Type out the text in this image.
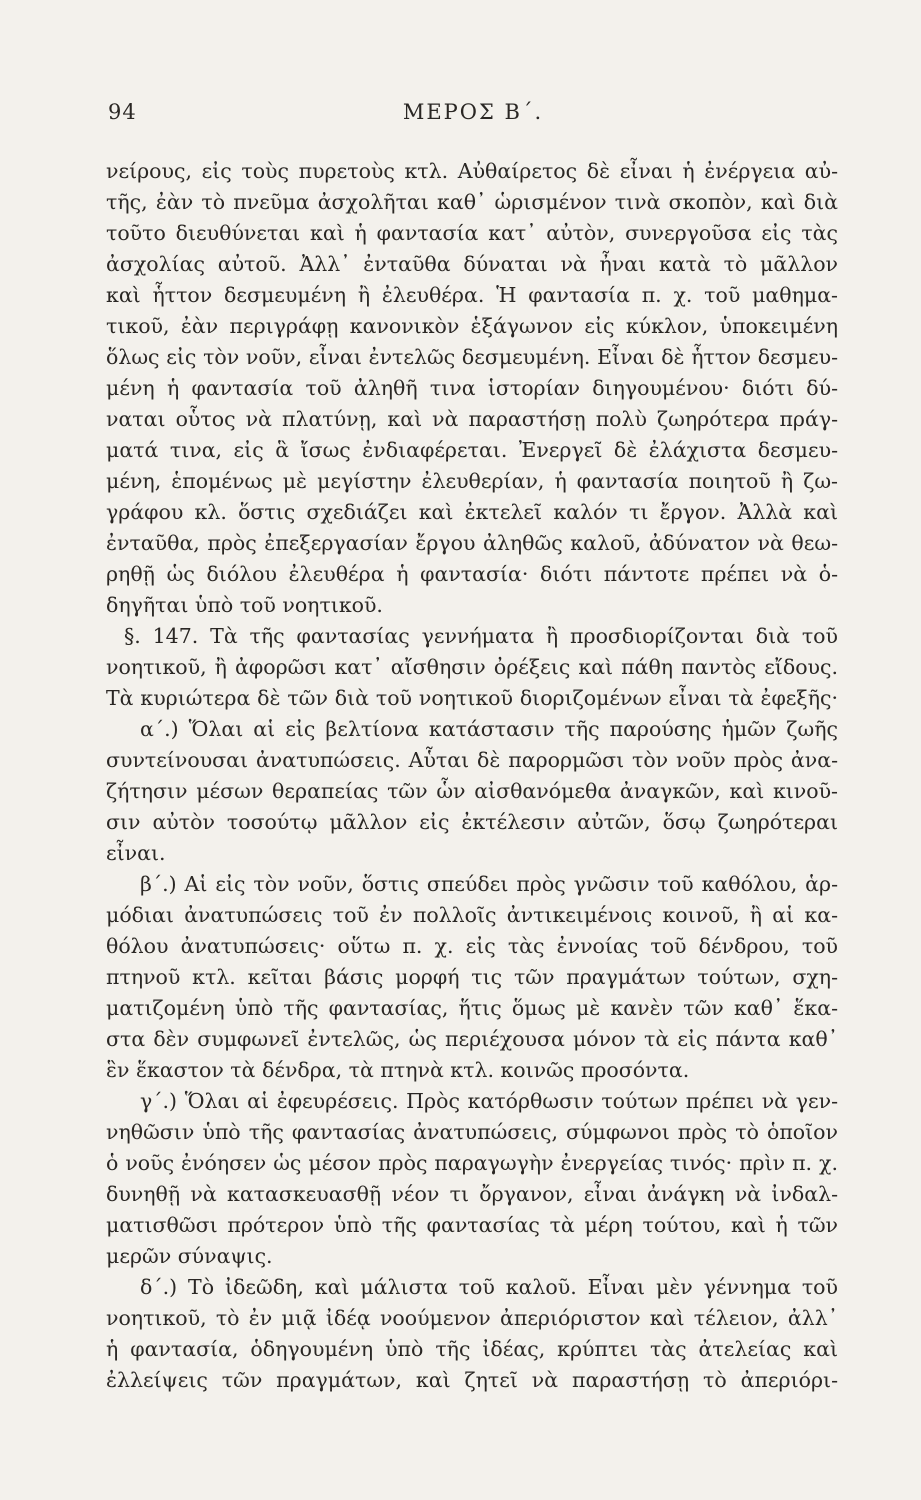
94	ΜΕΡΟΣ Β΄.
νείρους, εἰς τοὺς πυρετοὺς κτλ. Αὐθαίρετος δὲ εἶναι ἡ ἐνέργεια αὐ-
τῆς, ἐὰν τὸ πνεῦμα ἀσχολῆται καθ᾽ ὡρισμένον τινὰ σκοπὸν, καὶ διὰ
τοῦτο διευθύνεται καὶ ἡ φαντασία κατ᾽ αὐτὸν, συνεργοῦσα εἰς τὰς
ἀσχολίας αὐτοῦ. Ἀλλ᾽ ἐνταῦθα δύναται νὰ ἦναι κατὰ τὸ μᾶλλον
καὶ ἧττον δεσμευμένη ἢ ἐλευθέρα. Ἡ φαντασία π. χ. τοῦ μαθημα-
τικοῦ, ἐὰν περιγράφῃ κανονικὸν ἑξάγωνον εἰς κύκλον, ὑποκειμένη
ὅλως εἰς τὸν νοῦν, εἶναι ἐντελῶς δεσμευμένη. Εἶναι δὲ ἧττον δεσμευ-
μένη ἡ φαντασία τοῦ ἀληθῆ τινα ἱστορίαν διηγουμένου· διότι δύ-
ναται οὗτος νὰ πλατύνῃ, καὶ νὰ παραστήσῃ πολὺ ζωηρότερα πράγ-
ματά τινα, εἰς ἃ ἴσως ἐνδιαφέρεται. Ἐνεργεῖ δὲ ἐλάχιστα δεσμευ-
μένη, ἑπομένως μὲ μεγίστην ἐλευθερίαν, ἡ φαντασία ποιητοῦ ἢ ζω-
γράφου κλ. ὅστις σχεδιάζει καὶ ἐκτελεῖ καλόν τι ἔργον. Ἀλλὰ καὶ
ἐνταῦθα, πρὸς ἐπεξεργασίαν ἔργου ἀληθῶς καλοῦ, ἀδύνατον νὰ θεω-
ρηθῇ ὡς διόλου ἐλευθέρα ἡ φαντασία· διότι πάντοτε πρέπει νὰ ὁ-
δηγῆται ὑπὸ τοῦ νοητικοῦ.
§. 147. Τὰ τῆς φαντασίας γεννήματα ἢ προσδιορίζονται διὰ τοῦ
νοητικοῦ, ἢ ἀφορῶσι κατ᾽ αἴσθησιν ὀρέξεις καὶ πάθη παντὸς εἴδους.
Τὰ κυριώτερα δὲ τῶν διὰ τοῦ νοητικοῦ διοριζομένων εἶναι τὰ ἐφεξῆς·
α΄.) Ὅλαι αἱ εἰς βελτίονα κατάστασιν τῆς παρούσης ἡμῶν ζωῆς
συντείνουσαι ἀνατυπώσεις. Αὗται δὲ παρορμῶσι τὸν νοῦν πρὸς ἀνα-
ζήτησιν μέσων θεραπείας τῶν ὧν αἰσθανόμεθα ἀναγκῶν, καὶ κινοῦ-
σιν αὐτὸν τοσούτῳ μᾶλλον εἰς ἐκτέλεσιν αὐτῶν, ὅσῳ ζωηρότεραι
εἶναι.
β΄.) Αἱ εἰς τὸν νοῦν, ὅστις σπεύδει πρὸς γνῶσιν τοῦ καθόλου, ἁρ-
μόδιαι ἀνατυπώσεις τοῦ ἐν πολλοῖς ἀντικειμένοις κοινοῦ, ἢ αἱ κα-
θόλου ἀνατυπώσεις· οὕτω π. χ. εἰς τὰς ἐννοίας τοῦ δένδρου, τοῦ
πτηνοῦ κτλ. κεῖται βάσις μορφή τις τῶν πραγμάτων τούτων, σχη-
ματιζομένη ὑπὸ τῆς φαντασίας, ἥτις ὅμως μὲ κανὲν τῶν καθ᾽ ἕκα-
στα δὲν συμφωνεῖ ἐντελῶς, ὡς περιέχουσα μόνον τὰ εἰς πάντα καθ᾽
ἓν ἕκαστον τὰ δένδρα, τὰ πτηνὰ κτλ. κοινῶς προσόντα.
γ΄.) Ὅλαι αἱ ἐφευρέσεις. Πρὸς κατόρθωσιν τούτων πρέπει νὰ γεν-
νηθῶσιν ὑπὸ τῆς φαντασίας ἀνατυπώσεις, σύμφωνοι πρὸς τὸ ὁποῖον
ὁ νοῦς ἐνόησεν ὡς μέσον πρὸς παραγωγὴν ἐνεργείας τινός· πρὶν π. χ.
δυνηθῇ νὰ κατασκευασθῇ νέον τι ὄργανον, εἶναι ἀνάγκη νὰ ἰνδαλ-
ματισθῶσι πρότερον ὑπὸ τῆς φαντασίας τὰ μέρη τούτου, καὶ ἡ τῶν
μερῶν σύναψις.
δ΄.) Τὸ ἰδεῶδη, καὶ μάλιστα τοῦ καλοῦ. Εἶναι μὲν γέννημα τοῦ
νοητικοῦ, τὸ ἐν μιᾷ ἰδέᾳ νοούμενον ἀπεριόριστον καὶ τέλειον, ἀλλ᾽
ἡ φαντασία, ὁδηγουμένη ὑπὸ τῆς ἰδέας, κρύπτει τὰς ἀτελείας καὶ
ἐλλείψεις τῶν πραγμάτων, καὶ ζητεῖ νὰ παραστήσῃ τὸ ἀπεριόρι-
